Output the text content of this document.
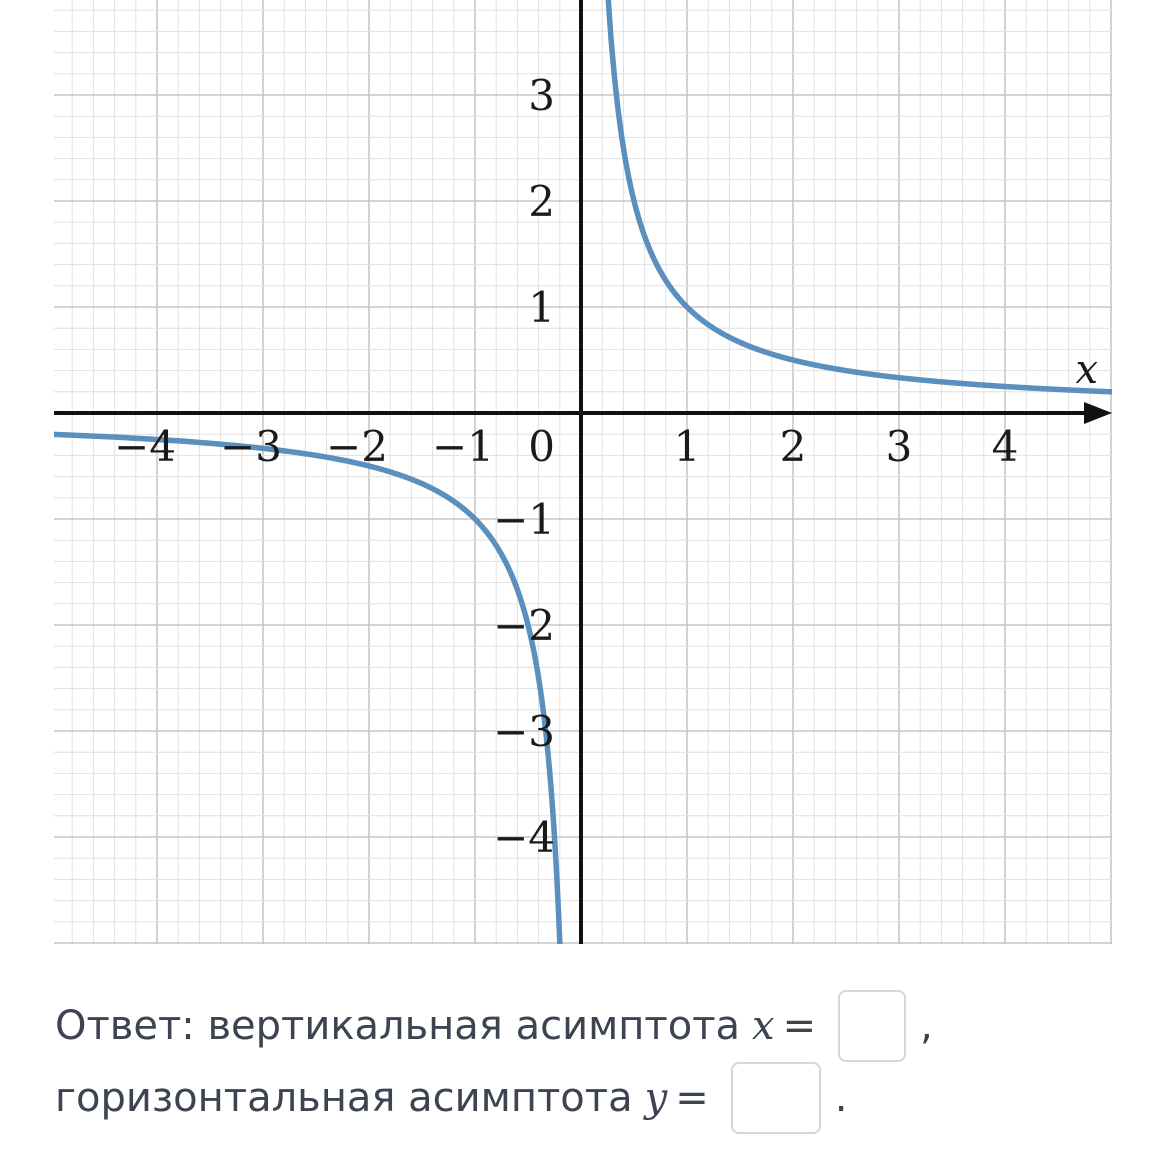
−4 −3 −2 −1	1 2 3 4
−4
−3
−2
−1
1
2
3
0
x
Ответ: вертикальная асимптота x =	,
горизонтальная асимптота y =	.
